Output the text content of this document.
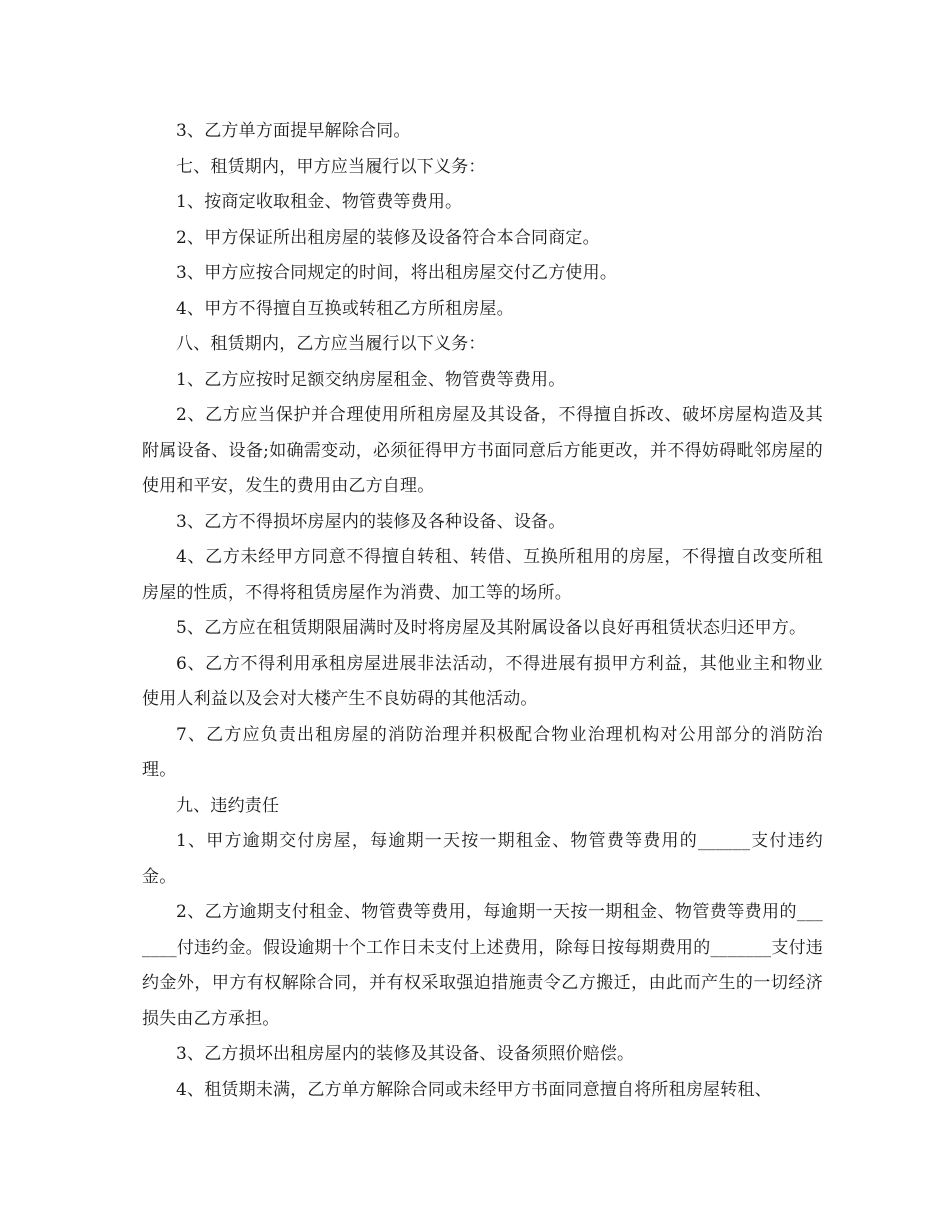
3、乙方单方面提早解除合同。

七、租赁期内，甲方应当履行以下义务：

1、按商定收取租金、物管费等费用。

2、甲方保证所出租房屋的装修及设备符合本合同商定。

3、甲方应按合同规定的时间，将出租房屋交付乙方使用。

4、甲方不得擅自互换或转租乙方所租房屋。

八、租赁期内，乙方应当履行以下义务：

1、乙方应按时足额交纳房屋租金、物管费等费用。

2、乙方应当保护并合理使用所租房屋及其设备，不得擅自拆改、破坏房屋构造及其附属设备、设备;如确需变动，必须征得甲方书面同意后方能更改，并不得妨碍毗邻房屋的使用和平安，发生的费用由乙方自理。

3、乙方不得损坏房屋内的装修及各种设备、设备。

4、乙方未经甲方同意不得擅自转租、转借、互换所租用的房屋，不得擅自改变所租房屋的性质，不得将租赁房屋作为消费、加工等的场所。

5、乙方应在租赁期限届满时及时将房屋及其附属设备以良好再租赁状态归还甲方。

6、乙方不得利用承租房屋进展非法活动，不得进展有损甲方利益，其他业主和物业使用人利益以及会对大楼产生不良妨碍的其他活动。

7、乙方应负责出租房屋的消防治理并积极配合物业治理机构对公用部分的消防治理。

九、违约责任

1、甲方逾期交付房屋，每逾期一天按一期租金、物管费等费用的______支付违约金。

2、乙方逾期支付租金、物管费等费用，每逾期一天按一期租金、物管费等费用的_______付违约金。假设逾期十个工作日未支付上述费用，除每日按每期费用的_______支付违约金外，甲方有权解除合同，并有权采取强迫措施责令乙方搬迁，由此而产生的一切经济损失由乙方承担。

3、乙方损坏出租房屋内的装修及其设备、设备须照价赔偿。

4、租赁期未满，乙方单方解除合同或未经甲方书面同意擅自将所租房屋转租、
